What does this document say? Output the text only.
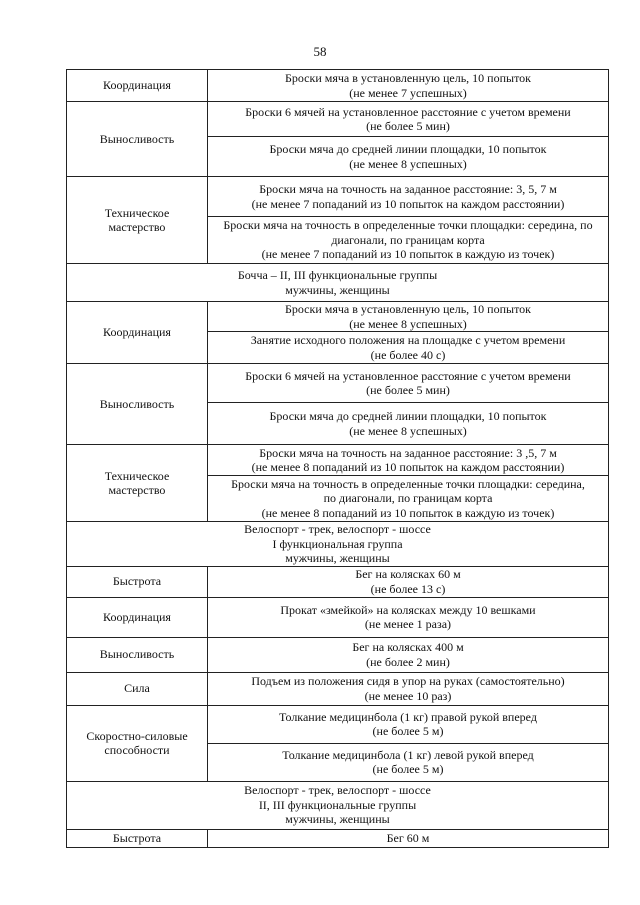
58
Координация	Броски мяча в установленную цель, 10 попыток
(не менее 7 успешных)
Выносливость	Броски 6 мячей на установленное расстояние с учетом времени
(не более 5 мин)
	Броски мяча до средней линии площадки, 10 попыток
(не менее 8 успешных)
Техническое
мастерство	Броски мяча на точность на заданное расстояние: 3, 5, 7 м
(не менее 7 попаданий из 10 попыток на каждом расстоянии)
	Броски мяча на точность в определенные точки площадки: середина, по диагонали, по границам корта
(не менее 7 попаданий из 10 попыток в каждую из точек)
Бочча – II, III функциональные группы
мужчины, женщины	
Координация	Броски мяча в установленную цель, 10 попыток
(не менее 8 успешных)
	Занятие исходного положения на площадке с учетом времени
(не более 40 с)
Выносливость	Броски 6 мячей на установленное расстояние с учетом времени
(не более 5 мин)
	Броски мяча до средней линии площадки, 10 попыток
(не менее 8 успешных)
Техническое
мастерство	Броски мяча на точность на заданное расстояние: 3 ,5, 7 м
(не менее 8 попаданий из 10 попыток на каждом расстоянии)
	Броски мяча на точность в определенные точки площадки: середина,
по диагонали, по границам корта
(не менее 8 попаданий из 10 попыток в каждую из точек)
Велоспорт - трек, велоспорт - шоссе
I функциональная группа
мужчины, женщины	
Быстрота	Бег на колясках 60 м
(не более 13 с)
Координация	Прокат «змейкой» на колясках между 10 вешками
(не менее 1 раза)
Выносливость	Бег на колясках 400 м
(не более 2 мин)
Сила	Подъем из положения сидя в упор на руках (самостоятельно)
(не менее 10 раз)
Скоростно-силовые
способности	Толкание медицинбола (1 кг) правой рукой вперед
(не более 5 м)
	Толкание медицинбола (1 кг) левой рукой вперед
(не более 5 м)
Велоспорт - трек, велоспорт - шоссе
II, III функциональные группы
мужчины, женщины	
Быстрота	Бег 60 м
